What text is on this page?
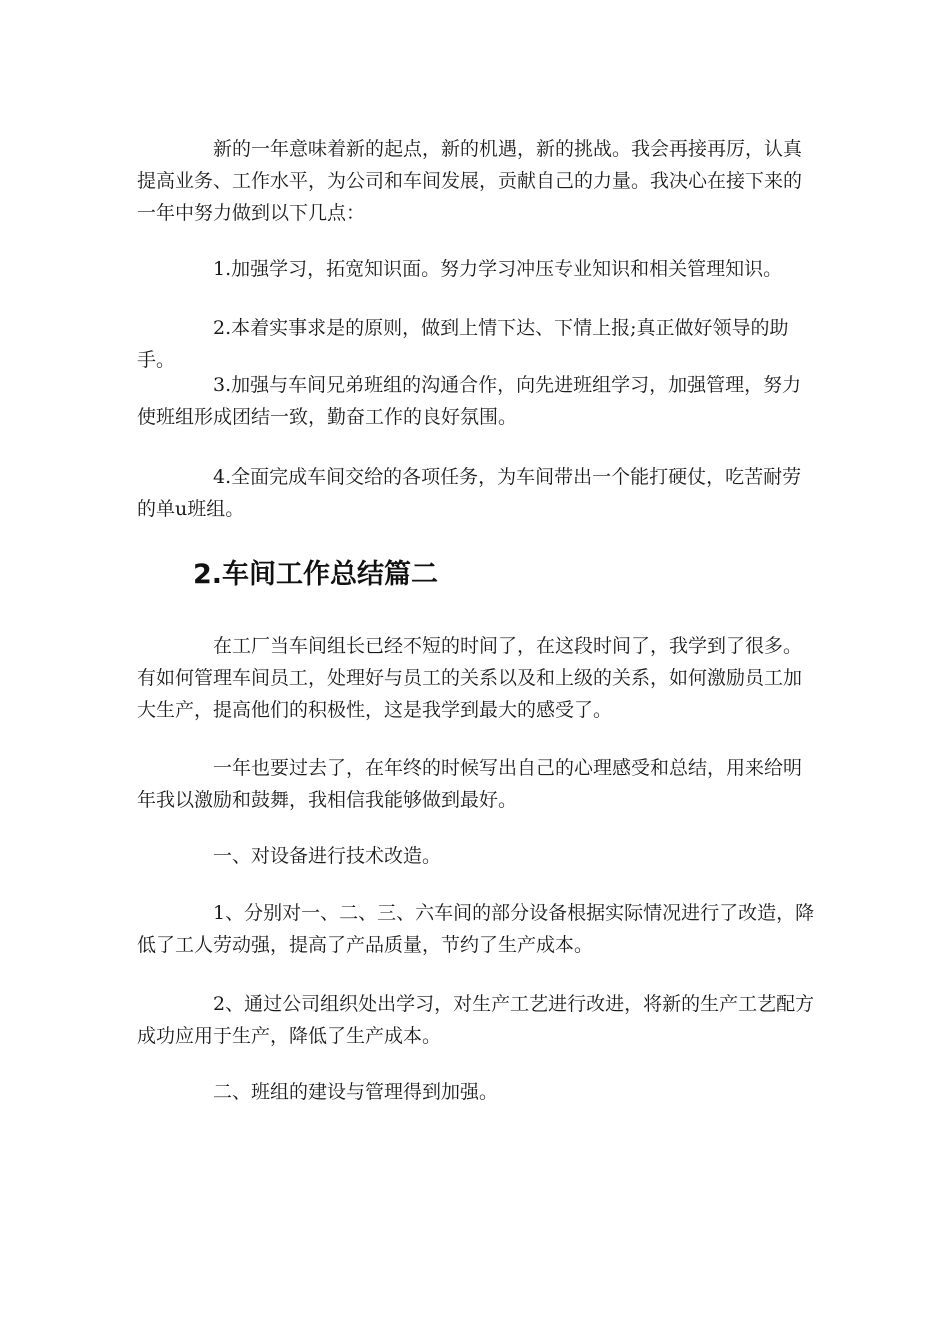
新的一年意味着新的起点，新的机遇，新的挑战。我会再接再厉，认真提高业务、工作水平，为公司和车间发展，贡献自己的力量。我决心在接下来的一年中努力做到以下几点：

1.加强学习，拓宽知识面。努力学习冲压专业知识和相关管理知识。

2.本着实事求是的原则，做到上情下达、下情上报;真正做好领导的助手。

3.加强与车间兄弟班组的沟通合作，向先进班组学习，加强管理，努力使班组形成团结一致，勤奋工作的良好氛围。

4.全面完成车间交给的各项任务，为车间带出一个能打硬仗，吃苦耐劳的单u班组。

2.车间工作总结篇二

在工厂当车间组长已经不短的时间了，在这段时间了，我学到了很多。有如何管理车间员工，处理好与员工的关系以及和上级的关系，如何激励员工加大生产，提高他们的积极性，这是我学到最大的感受了。

一年也要过去了，在年终的时候写出自己的心理感受和总结，用来给明年我以激励和鼓舞，我相信我能够做到最好。

一、对设备进行技术改造。

1、分别对一、二、三、六车间的部分设备根据实际情况进行了改造，降低了工人劳动强，提高了产品质量，节约了生产成本。

2、通过公司组织处出学习，对生产工艺进行改进，将新的生产工艺配方成功应用于生产，降低了生产成本。

二、班组的建设与管理得到加强。
